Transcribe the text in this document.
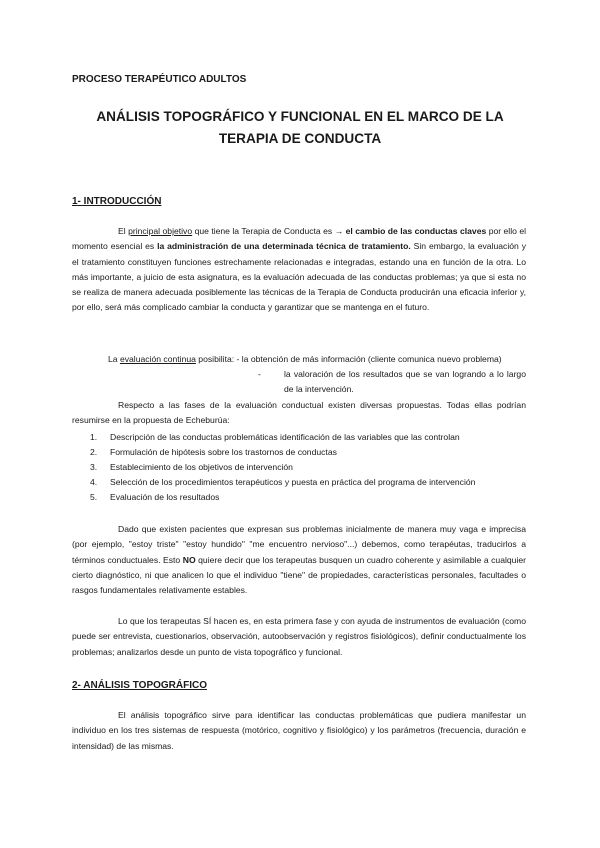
PROCESO TERAPÉUTICO ADULTOS
ANÁLISIS TOPOGRÁFICO Y FUNCIONAL EN EL MARCO DE LA
TERAPIA DE CONDUCTA
1- INTRODUCCIÓN
El principal objetivo que tiene la Terapia de Conducta es → el cambio de las conductas claves por ello el momento esencial es la administración de una determinada técnica de tratamiento. Sin embargo, la evaluación y el tratamiento constituyen funciones estrechamente relacionadas e integradas, estando una en función de la otra. Lo más importante, a juicio de esta asignatura, es la evaluación adecuada de las conductas problemas; ya que si esta no se realiza de manera adecuada posiblemente las técnicas de la Terapia de Conducta producirán una eficacia inferior y, por ello, será más complicado cambiar la conducta y garantizar que se mantenga en el futuro.
La evaluación continua posibilita: - la obtención de más información (cliente comunica nuevo problema)
-	la valoración de los resultados que se van logrando a lo largo de la intervención.
Respecto a las fases de la evaluación conductual existen diversas propuestas. Todas ellas podrían resumirse en la propuesta de Echeburúa:
1. Descripción de las conductas problemáticas identificación de las variables que las controlan
2. Formulación de hipótesis sobre los trastornos de conductas
3. Establecimiento de los objetivos de intervención
4. Selección de los procedimientos terapéuticos y puesta en práctica del programa de intervención
5. Evaluación de los resultados
Dado que existen pacientes que expresan sus problemas inicialmente de manera muy vaga e imprecisa (por ejemplo, "estoy triste" "estoy hundido" "me encuentro nervioso"...) debemos, como terapéutas, traducirlos a términos conductuales. Esto NO quiere decir que los terapeutas busquen un cuadro coherente y asimilable a cualquier cierto diagnóstico, ni que analicen lo que el individuo "tiene" de propiedades, características personales, facultades o rasgos fundamentales relativamente estables.
Lo que los terapeutas SÍ hacen es, en esta primera fase y con ayuda de instrumentos de evaluación (como puede ser entrevista, cuestionarios, observación, autoobservación y registros fisiológicos), definir conductualmente los problemas; analizarlos desde un punto de vista topográfico y funcional.
2- ANÁLISIS TOPOGRÁFICO
El análisis topográfico sirve para identificar las conductas problemáticas que pudiera manifestar un individuo en los tres sistemas de respuesta (motórico, cognitivo y fisiológico) y los parámetros (frecuencia, duración e intensidad) de las mismas.
